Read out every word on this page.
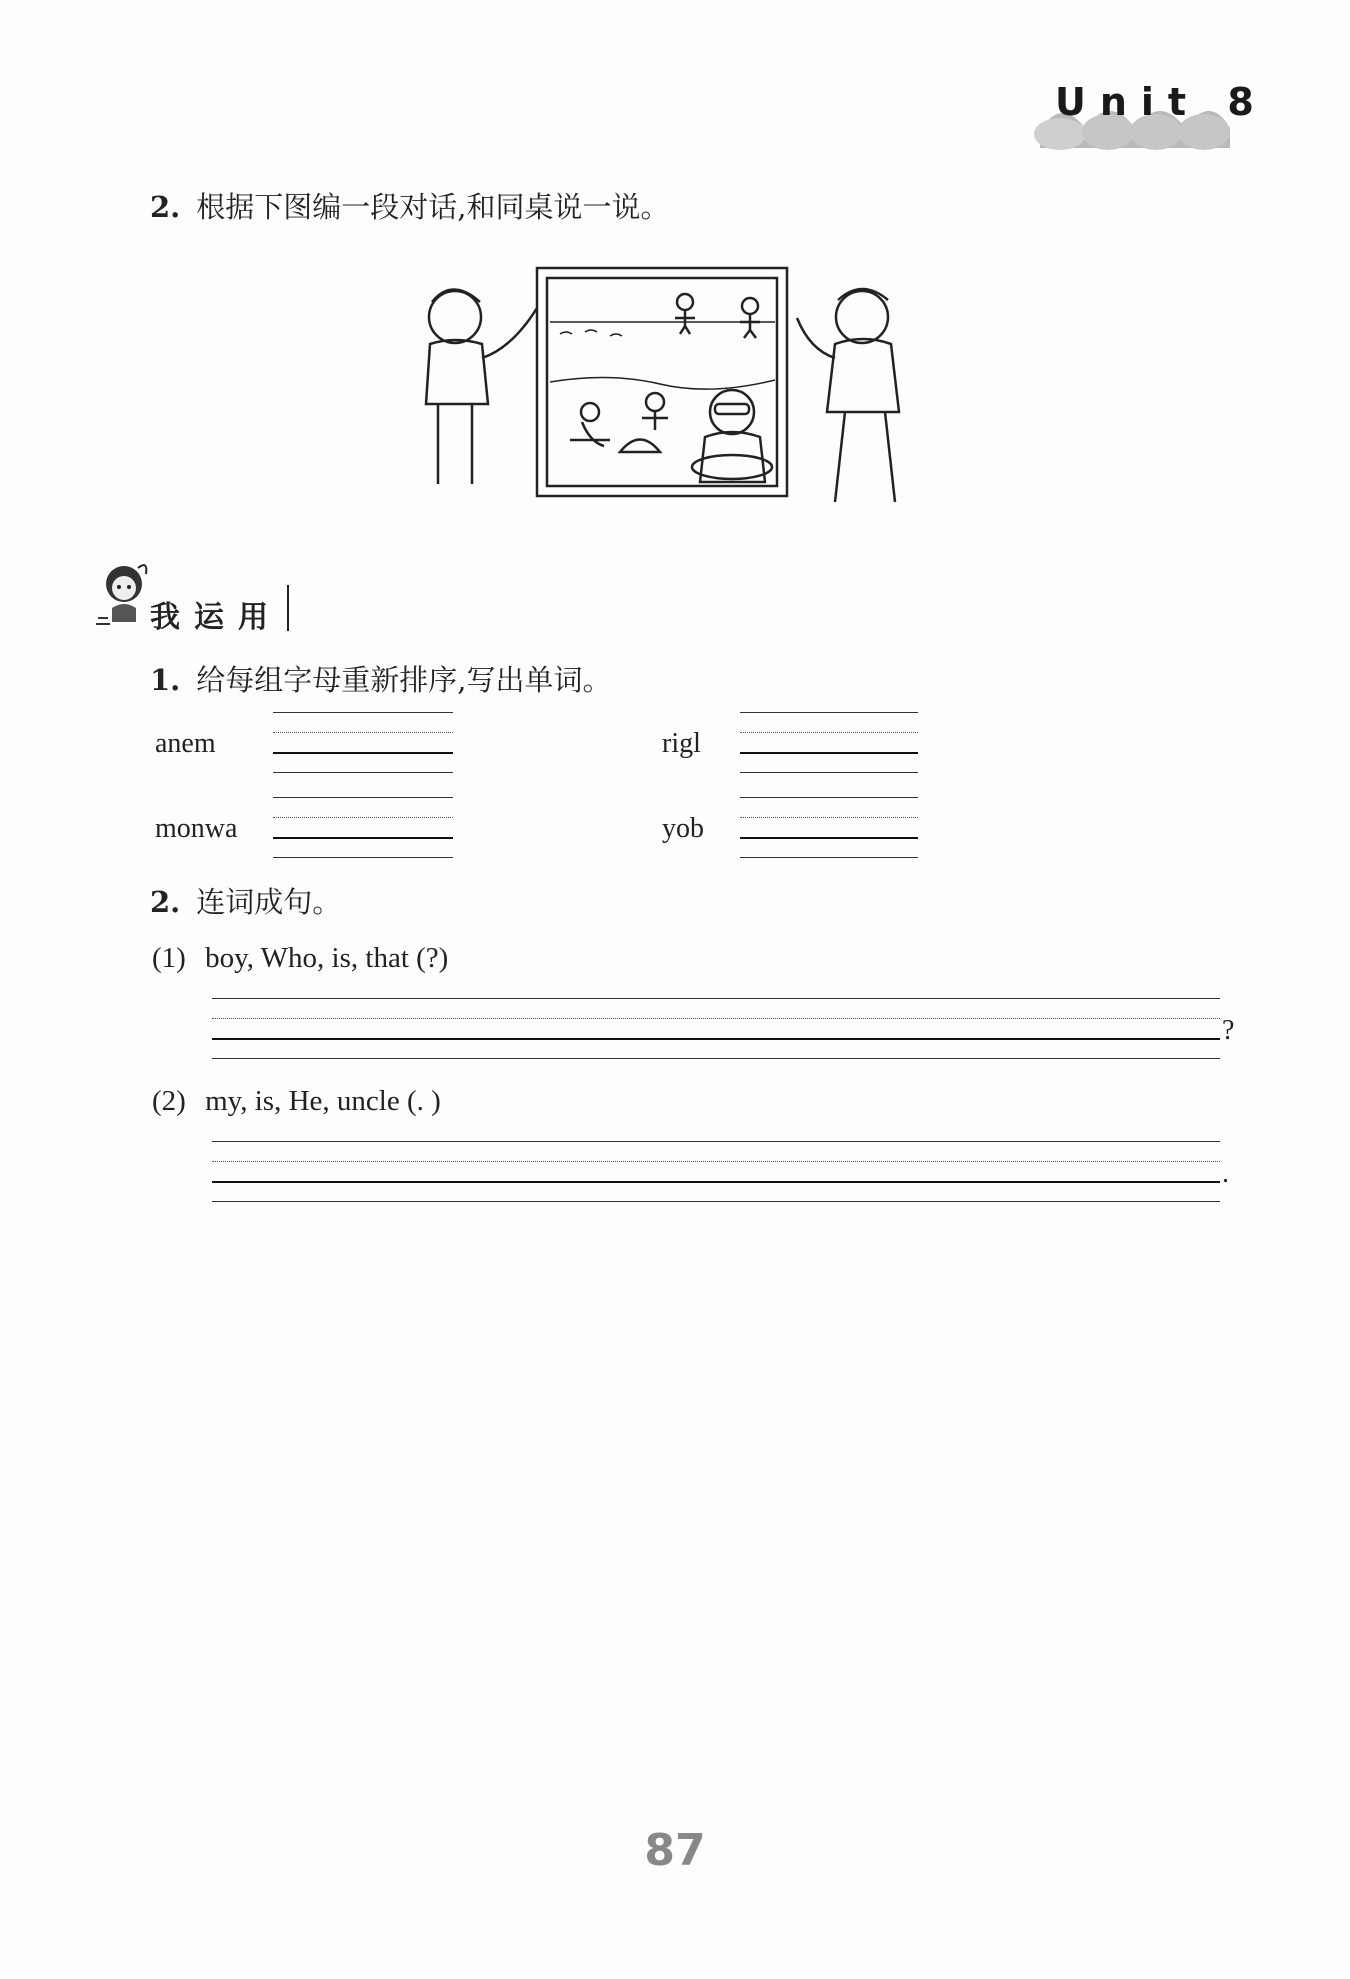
Unit 8
2. 根据下图编一段对话,和同桌说一说。
我运用
1. 给每组字母重新排序,写出单词。
anem	rigl
monwa	yob
2. 连词成句。
(1) boy, Who, is, that (?)
?
(2) my, is, He, uncle (. )
.
87
